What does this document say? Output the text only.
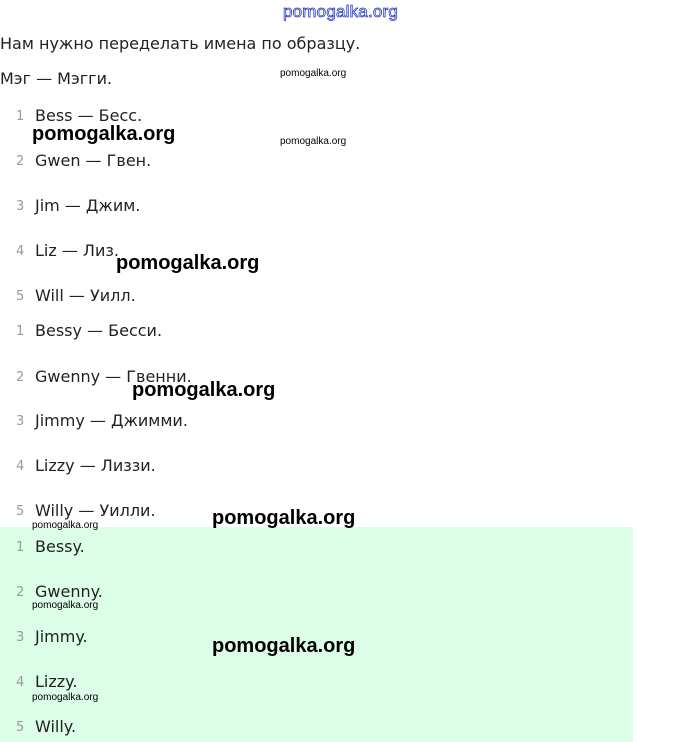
pomogalka.org
Нам нужно переделать имена по образцу.
Мэг — Мэгги.
1 Bess — Бесс.
2 Gwen — Гвен.
3 Jim — Джим.
4 Liz — Лиз.
5 Will — Уилл.
1 Bessy — Бесси.
2 Gwenny — Гвенни.
3 Jimmy — Джимми.
4 Lizzy — Лиззи.
5 Willy — Уилли.
1 Bessy.
2 Gwenny.
3 Jimmy.
4 Lizzy.
5 Willy.
pomogalka.org
pomogalka.org	pomogalka.org
pomogalka.org
pomogalka.org
pomogalka.org
pomogalka.org
pomogalka.org
pomogalka.org
pomogalka.org
